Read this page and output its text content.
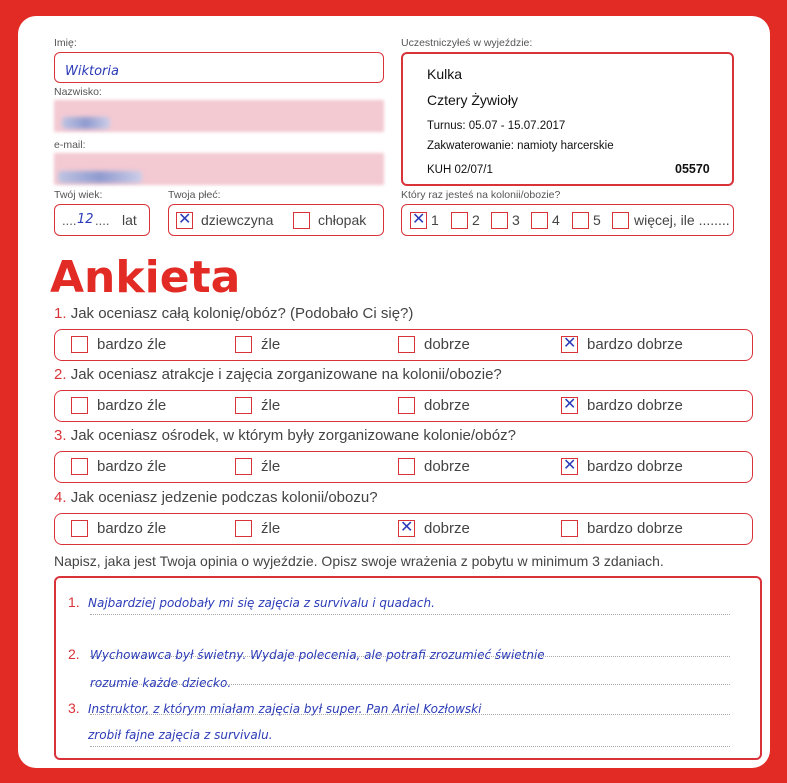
Imię:
Wiktoria
Nazwisko:
e-mail:
Twój wiek:
.... 12 .... lat
Twoja płeć:
✕
dziewczyna	chłopak
Uczestniczyłeś w wyjeździe:
Kulka
Cztery Żywioły
Turnus: 05.07 - 15.07.2017
Zakwaterowanie: namioty harcerskie
KUH 02/07/1	05570
Który raz jesteś na kolonii/obozie?
✕
1 2 3 4 5 więcej, ile ........
Ankieta
1. Jak oceniasz całą kolonię/obóz? (Podobało Ci się?)
bardzo źle	źle	dobrze ✕	bardzo dobrze
2. Jak oceniasz atrakcje i zajęcia zorganizowane na kolonii/obozie?
bardzo źle	źle	dobrze ✕	bardzo dobrze
3. Jak oceniasz ośrodek, w którym były zorganizowane kolonie/obóz?
bardzo źle	źle	dobrze ✕	bardzo dobrze
4. Jak oceniasz jedzenie podczas kolonii/obozu?
bardzo źle	źle ✕	dobrze	bardzo dobrze
Napisz, jaka jest Twoja opinia o wyjeździe. Opisz swoje wrażenia z pobytu w minimum 3 zdaniach.
1. Najbardziej podobały mi się zajęcia z survivalu i quadach.
2. Wychowawca był świetny. Wydaje polecenia, ale potrafi zrozumieć świetnie
rozumie każde dziecko.
3. Instruktor, z którym miałam zajęcia był super. Pan Ariel Kozłowski
zrobił fajne zajęcia z survivalu.
